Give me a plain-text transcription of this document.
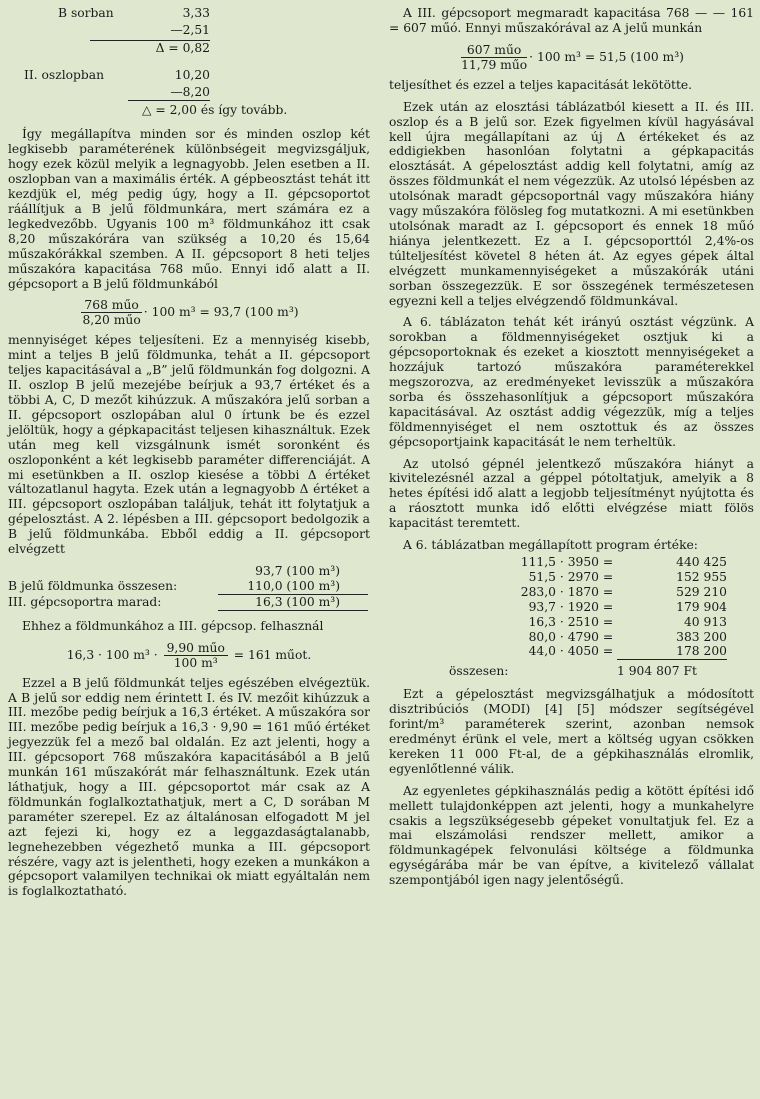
B sorban	3,33
—2,51
Δ = 0,82
II. oszlopban	10,20
—8,20
△ = 2,00 és így tovább.

Így megállapítva minden sor és minden oszlop két legkisebb paraméterének különbségeit megvizsgáljuk, hogy ezek közül melyik a legnagyobb. Jelen esetben a II. oszlopban van a maximális érték. A gépbeosztást tehát itt kezdjük el, még pedig úgy, hogy a II. gépcsoportot ráállítjuk a B jelű földmunkára, mert számára ez a legkedvezőbb. Ugyanis 100 m³ földmunkához itt csak 8,20 műszakórára van szükség a 10,20 és 15,64 műszakórákkal szemben. A II. gépcsoport 8 heti teljes műszakóra kapacitása 768 műo. Ennyi idő alatt a II. gépcsoport a B jelű földmunkából

$\frac{\text{768 műo}}{\text{8,20 műo}} \cdot 100$ m³ = 93,7 (100 m³)

mennyiséget képes teljesíteni. Ez a mennyiség kisebb, mint a teljes B jelű földmunka, tehát a II. gépcsoport teljes kapacitásával a „B” jelű földmunkán fog dolgozni. A II. oszlop B jelű mezejébe beírjuk a 93,7 értéket és a többi A, C, D mezőt kihúzzuk. A műszakóra jelű sorban a II. gépcsoport oszlopában alul 0 írtunk be és ezzel jelöltük, hogy a gépkapacitást teljesen kihasználtuk. Ezek után meg kell vizsgálnunk ismét soronként és oszloponként a két legkisebb paraméter differenciáját. A mi esetünkben a II. oszlop kiesése a többi Δ értéket változatlanul hagyta. Ezek után a legnagyobb Δ értéket a III. gépcsoport oszlopában találjuk, tehát itt folytatjuk a gépelosztást. A 2. lépésben a III. gépcsoport bedolgozik a B jelű földmunkába. Ebből eddig a II. gépcsoport elvégzett

93,7 (100 m³)
B jelű földmunka összesen:	110,0 (100 m³)
III. gépcsoportra marad:	16,3 (100 m³)

Ehhez a földmunkához a III. gépcsop. felhasznál

16,3 · 100 $m^3 \cdot \frac{\text{9,90 műo}}{\text{100 m³}} = 161$ műot.

Ezzel a B jelű földmunkát teljes egészében elvégeztük. A B jelű sor eddig nem érintett I. és IV. mezőit kihúzzuk a III. mezőbe pedig beírjuk a 16,3 értéket. A műszakóra sor III. mezőbe pedig beírjuk a 16,3 · 9,90 = 161 műó értéket jegyezzük fel a mező bal oldalán. Ez azt jelenti, hogy a III. gépcsoport 768 műszakóra kapacitásából a B jelű munkán 161 műszakórát már felhasználtunk. Ezek után láthatjuk, hogy a III. gépcsoportot már csak az A földmunkán foglalkoztathatjuk, mert a C, D sorában M paraméter szerepel. Ez az általánosan elfogadott M jel azt fejezi ki, hogy ez a leggazdaságtalanabb, legnehezebben végezhető munka a III. gépcsoport részére, vagy azt is jelentheti, hogy ezeken a munkákon a gépcsoport valamilyen technikai ok miatt egyáltalán nem is foglalkoztatható.

A III. gépcsoport megmaradt kapacitása 768 — — 161 = 607 műó. Ennyi műszakórával az A jelű munkán

$\frac{\text{607 műo}}{\text{11,79 műo}} \cdot 100$ m³ = 51,5 (100 m³)

teljesíthet és ezzel a teljes kapacitását lekötötte.

Ezek után az elosztási táblázatból kiesett a II. és III. oszlop és a B jelű sor. Ezek figyelmen kívül hagyásával kell újra megállapítani az új Δ értékeket és az eddigiekben hasonlóan folytatni a gépkapacitás elosztását. A gépelosztást addig kell folytatni, amíg az összes földmunkát el nem végezzük. Az utolsó lépésben az utolsónak maradt gépcsoportnál vagy műszakóra hiány vagy műszakóra fölösleg fog mutatkozni. A mi esetünkben utolsónak maradt az I. gépcsoport és ennek 18 műó hiánya jelentkezett. Ez a I. gépcsoporttól 2,4%-os túlteljesítést követel 8 héten át. Az egyes gépek által elvégzett munkamennyiségeket a műszakórák utáni sorban összegezzük. E sor összegének természetesen egyezni kell a teljes elvégzendő földmunkával.

A 6. táblázaton tehát két irányú osztást végzünk. A sorokban a földmennyiségeket osztjuk ki a gépcsoportoknak és ezeket a kiosztott mennyiségeket a hozzájuk tartozó műszakóra paraméterekkel megszorozva, az eredményeket levisszük a műszakóra sorba és összehasonlítjuk a gépcsoport műszakóra kapacitásával. Az osztást addig végezzük, míg a teljes földmennyiséget el nem osztottuk és az összes gépcsoportjaink kapacitását le nem terheltük.

Az utolsó gépnél jelentkező műszakóra hiányt a kivitelezésnél azzal a géppel pótoltatjuk, amelyik a 8 hetes építési idő alatt a legjobb teljesítményt nyújtotta és a ráosztott munka idő előtti elvégzése miatt fölös kapacitást teremtett.

A 6. táblázatban megállapított program értéke:

111,5 · 3950 =	440 425
51,5 · 2970 =	152 955
283,0 · 1870 =	529 210
93,7 · 1920 =	179 904
16,3 · 2510 =	40 913
80,0 · 4790 =	383 200
44,0 · 4050 =	178 200
összesen:	1 904 807 Ft

Ezt a gépelosztást megvizsgálhatjuk a módosított disztribúciós (MODI) [4] [5] módszer segítségével forint/m³ paraméterek szerint, azonban nemsok eredményt érünk el vele, mert a költség ugyan csökken kereken 11 000 Ft-al, de a gépkihasználás elromlik, egyenlőtlenné válik.

Az egyenletes gépkihasználás pedig a kötött építési idő mellett tulajdonképpen azt jelenti, hogy a munkahelyre csakis a legszükségesebb gépeket vonultatjuk fel. Ez a mai elszámolási rendszer mellett, amikor a földmunkagépek felvonulási költsége a földmunka egységárába már be van építve, a kivitelező vállalat szempontjából igen nagy jelentőségű.
